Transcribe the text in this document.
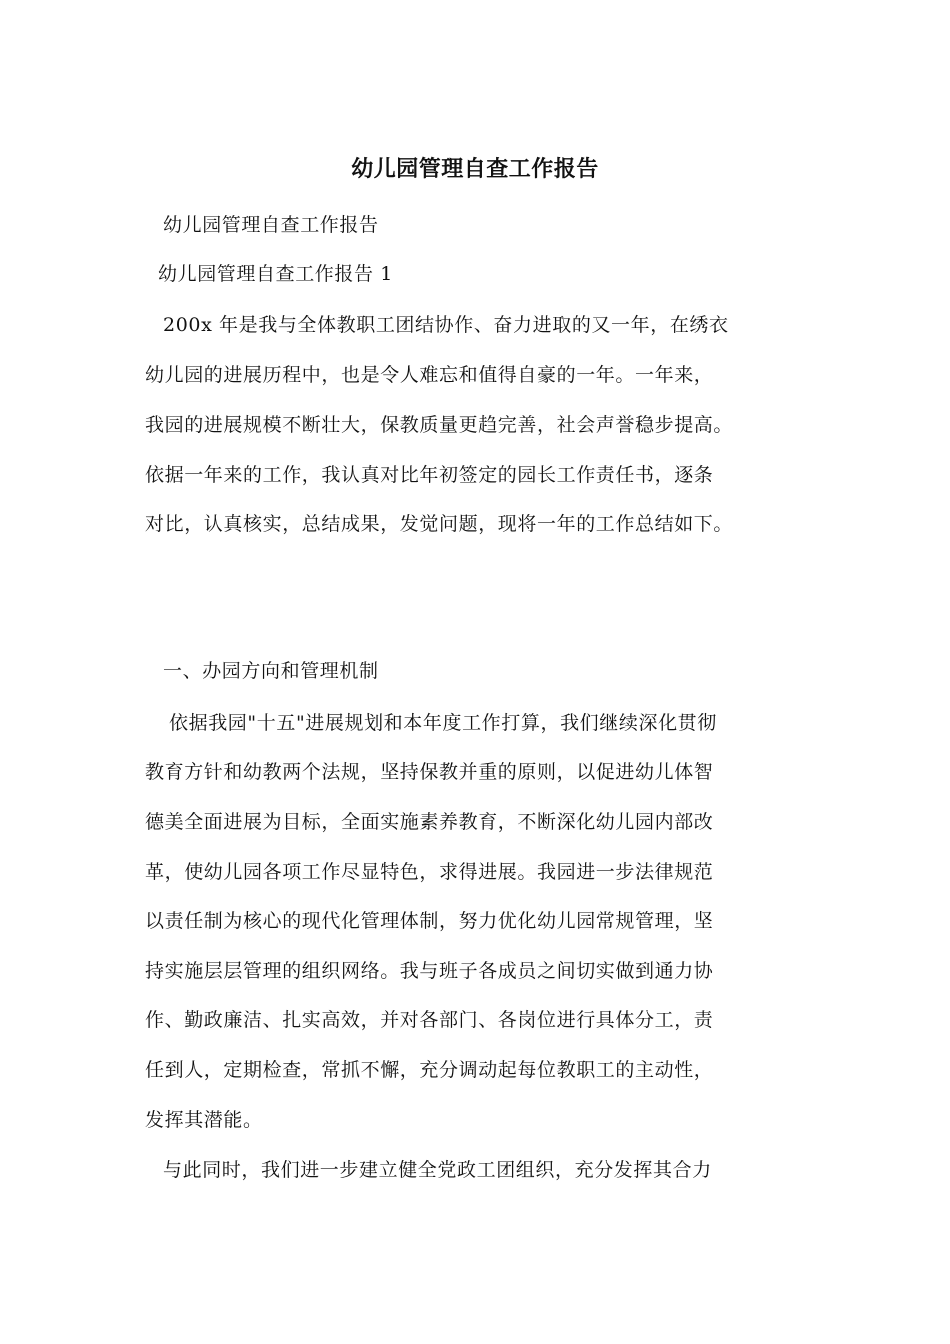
幼儿园管理自查工作报告
幼儿园管理自查工作报告
幼儿园管理自查工作报告 1
200x 年是我与全体教职工团结协作、奋力进取的又一年，在绣衣
幼儿园的进展历程中，也是令人难忘和值得自豪的一年。一年来，
我园的进展规模不断壮大，保教质量更趋完善，社会声誉稳步提高。
依据一年来的工作，我认真对比年初签定的园长工作责任书，逐条
对比，认真核实，总结成果，发觉问题，现将一年的工作总结如下。
一、办园方向和管理机制
依据我园"十五"进展规划和本年度工作打算，我们继续深化贯彻
教育方针和幼教两个法规，坚持保教并重的原则，以促进幼儿体智
德美全面进展为目标，全面实施素养教育，不断深化幼儿园内部改
革，使幼儿园各项工作尽显特色，求得进展。我园进一步法律规范
以责任制为核心的现代化管理体制，努力优化幼儿园常规管理，坚
持实施层层管理的组织网络。我与班子各成员之间切实做到通力协
作、勤政廉洁、扎实高效，并对各部门、各岗位进行具体分工，责
任到人，定期检查，常抓不懈，充分调动起每位教职工的主动性，
发挥其潜能。
与此同时，我们进一步建立健全党政工团组织，充分发挥其合力
